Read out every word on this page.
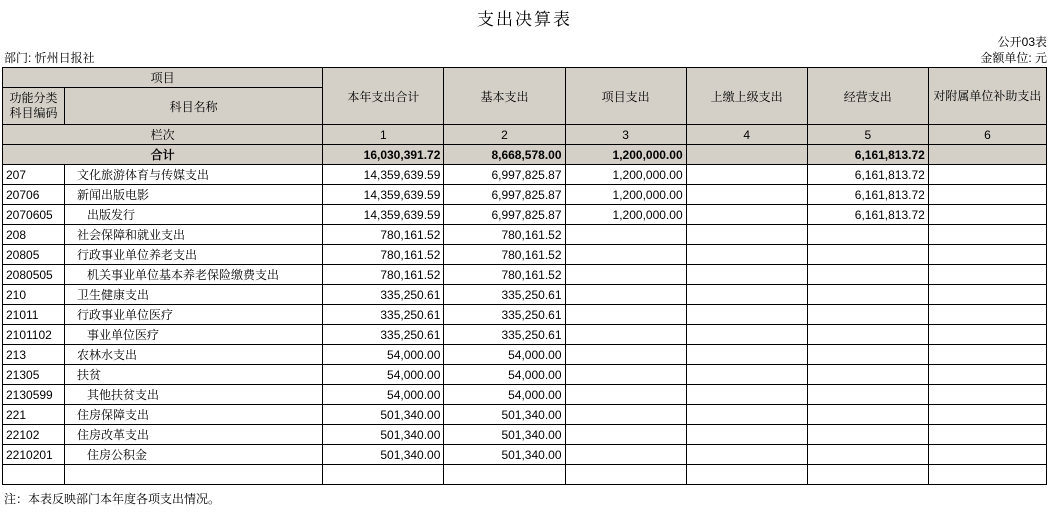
支出决算表
部门: 忻州日报社
公开03表
金额单位: 元
项目		本年支出合计	基本支出	项目支出	上缴上级支出	经营支出	对附属单位补助支出

功能分类
科目编码	科目名称						
栏次		1	2	3	4	5	6
合计		16,030,391.72	8,668,578.00	1,200,000.00		6,161,813.72	
207	文化旅游体育与传媒支出	14,359,639.59	6,997,825.87	1,200,000.00		6,161,813.72	
20706	新闻出版电影	14,359,639.59	6,997,825.87	1,200,000.00		6,161,813.72	
2070605	出版发行	14,359,639.59	6,997,825.87	1,200,000.00		6,161,813.72	
208	社会保障和就业支出	780,161.52	780,161.52				
20805	行政事业单位养老支出	780,161.52	780,161.52				
2080505	机关事业单位基本养老保险缴费支出	780,161.52	780,161.52				
210	卫生健康支出	335,250.61	335,250.61				
21011	行政事业单位医疗	335,250.61	335,250.61				
2101102	事业单位医疗	335,250.61	335,250.61				
213	农林水支出	54,000.00	54,000.00				
21305	扶贫	54,000.00	54,000.00				
2130599	其他扶贫支出	54,000.00	54,000.00				
221	住房保障支出	501,340.00	501,340.00				
22102	住房改革支出	501,340.00	501,340.00				
2210201	住房公积金	501,340.00	501,340.00				

注：本表反映部门本年度各项支出情况。
